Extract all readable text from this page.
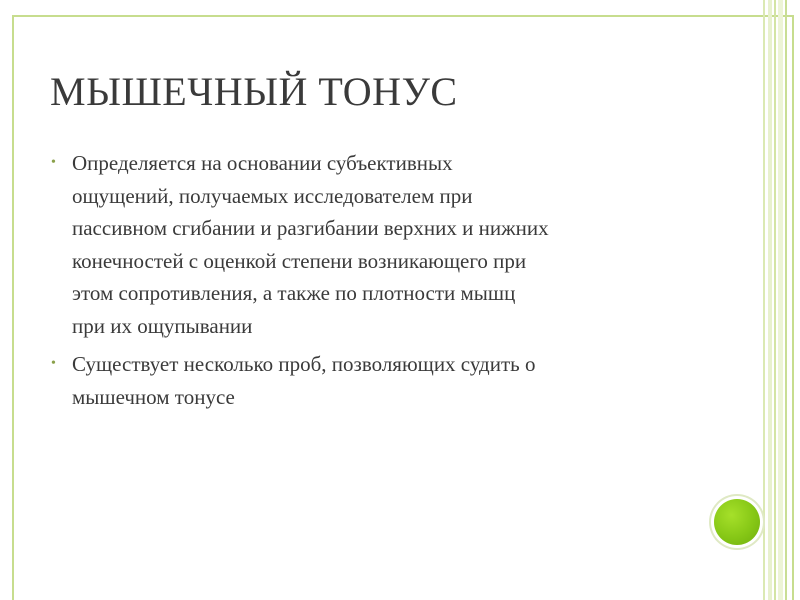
МЫШЕЧНЫЙ ТОНУС
• Определяется на основании субъективных
ощущений, получаемых исследователем при
пассивном сгибании и разгибании верхних и нижних
конечностей с оценкой степени возникающего при
этом сопротивления, а также по плотности мышц
при их ощупывании
• Существует несколько проб, позволяющих судить о
мышечном тонусе
